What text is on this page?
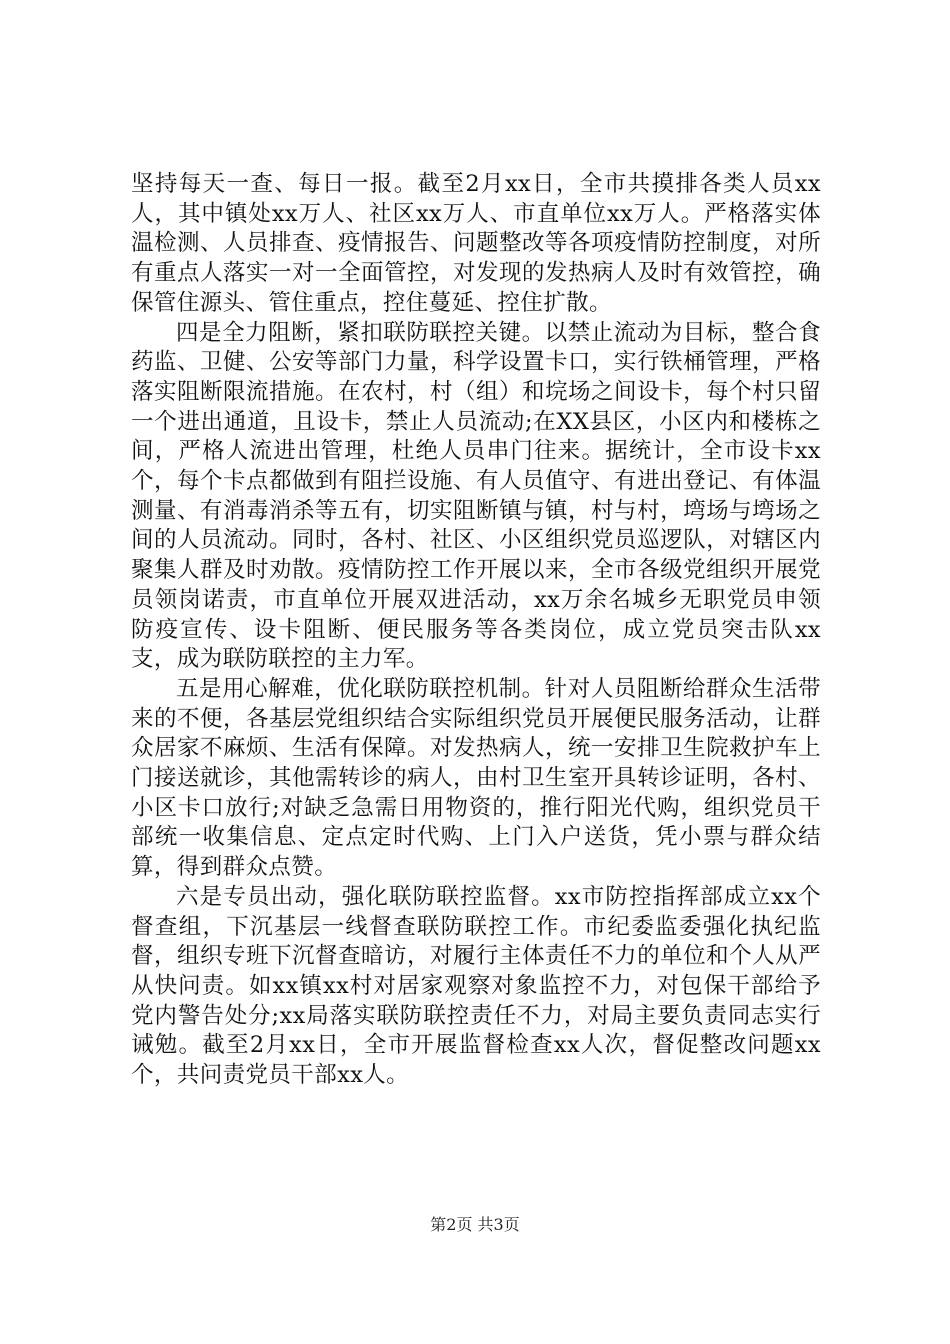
坚持每天一查、每日一报。截至2月xx日，全市共摸排各类人员xx人，其中镇处xx万人、社区xx万人、市直单位xx万人。严格落实体温检测、人员排查、疫情报告、问题整改等各项疫情防控制度，对所有重点人落实一对一全面管控，对发现的发热病人及时有效管控，确保管住源头、管住重点，控住蔓延、控住扩散。

四是全力阻断，紧扣联防联控关键。以禁止流动为目标，整合食药监、卫健、公安等部门力量，科学设置卡口，实行铁桶管理，严格落实阻断限流措施。在农村，村（组）和垸场之间设卡，每个村只留一个进出通道，且设卡，禁止人员流动;在XX县区，小区内和楼栋之间，严格人流进出管理，杜绝人员串门往来。据统计，全市设卡xx个，每个卡点都做到有阻拦设施、有人员值守、有进出登记、有体温测量、有消毒消杀等五有，切实阻断镇与镇，村与村，塆场与塆场之间的人员流动。同时，各村、社区、小区组织党员巡逻队，对辖区内聚集人群及时劝散。疫情防控工作开展以来，全市各级党组织开展党员领岗诺责，市直单位开展双进活动，xx万余名城乡无职党员申领防疫宣传、设卡阻断、便民服务等各类岗位，成立党员突击队xx支，成为联防联控的主力军。

五是用心解难，优化联防联控机制。针对人员阻断给群众生活带来的不便，各基层党组织结合实际组织党员开展便民服务活动，让群众居家不麻烦、生活有保障。对发热病人，统一安排卫生院救护车上门接送就诊，其他需转诊的病人，由村卫生室开具转诊证明，各村、小区卡口放行;对缺乏急需日用物资的，推行阳光代购，组织党员干部统一收集信息、定点定时代购、上门入户送货，凭小票与群众结算，得到群众点赞。

六是专员出动，强化联防联控监督。xx市防控指挥部成立xx个督查组，下沉基层一线督查联防联控工作。市纪委监委强化执纪监督，组织专班下沉督查暗访，对履行主体责任不力的单位和个人从严从快问责。如xx镇xx村对居家观察对象监控不力，对包保干部给予党内警告处分;xx局落实联防联控责任不力，对局主要负责同志实行诫勉。截至2月xx日，全市开展监督检查xx人次，督促整改问题xx个，共问责党员干部xx人。

第2页 共3页
